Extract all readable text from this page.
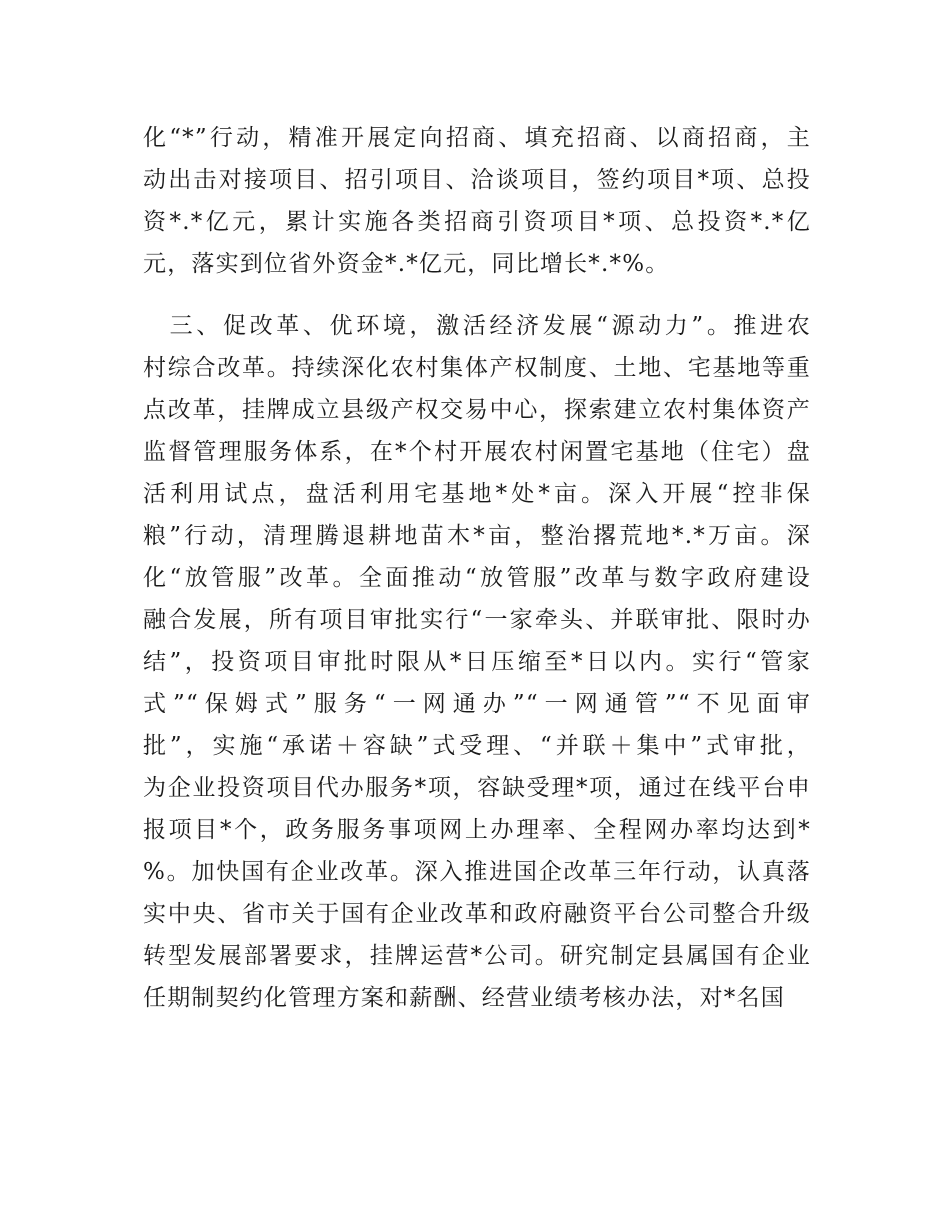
化“*”行动，精准开展定向招商、填充招商、以商招商，主
动出击对接项目、招引项目、洽谈项目，签约项目*项、总投
资*.*亿元，累计实施各类招商引资项目*项、总投资*.*亿
元，落实到位省外资金*.*亿元，同比增长*.*%。
　三、促改革、优环境，激活经济发展“源动力”。推进农
村综合改革。持续深化农村集体产权制度、土地、宅基地等重
点改革，挂牌成立县级产权交易中心，探索建立农村集体资产
监督管理服务体系，在*个村开展农村闲置宅基地（住宅）盘
活利用试点，盘活利用宅基地*处*亩。深入开展“控非保
粮”行动，清理腾退耕地苗木*亩，整治撂荒地*.*万亩。深
化“放管服”改革。全面推动“放管服”改革与数字政府建设
融合发展，所有项目审批实行“一家牵头、并联审批、限时办
结”，投资项目审批时限从*日压缩至*日以内。实行“管家
式”“保姆式”服务“一网通办”“一网通管”“不见面审
批”，实施“承诺＋容缺”式受理、“并联＋集中”式审批，
为企业投资项目代办服务*项，容缺受理*项，通过在线平台申
报项目*个，政务服务事项网上办理率、全程网办率均达到*
%。加快国有企业改革。深入推进国企改革三年行动，认真落
实中央、省市关于国有企业改革和政府融资平台公司整合升级
转型发展部署要求，挂牌运营*公司。研究制定县属国有企业
任期制契约化管理方案和薪酬、经营业绩考核办法，对*名国
